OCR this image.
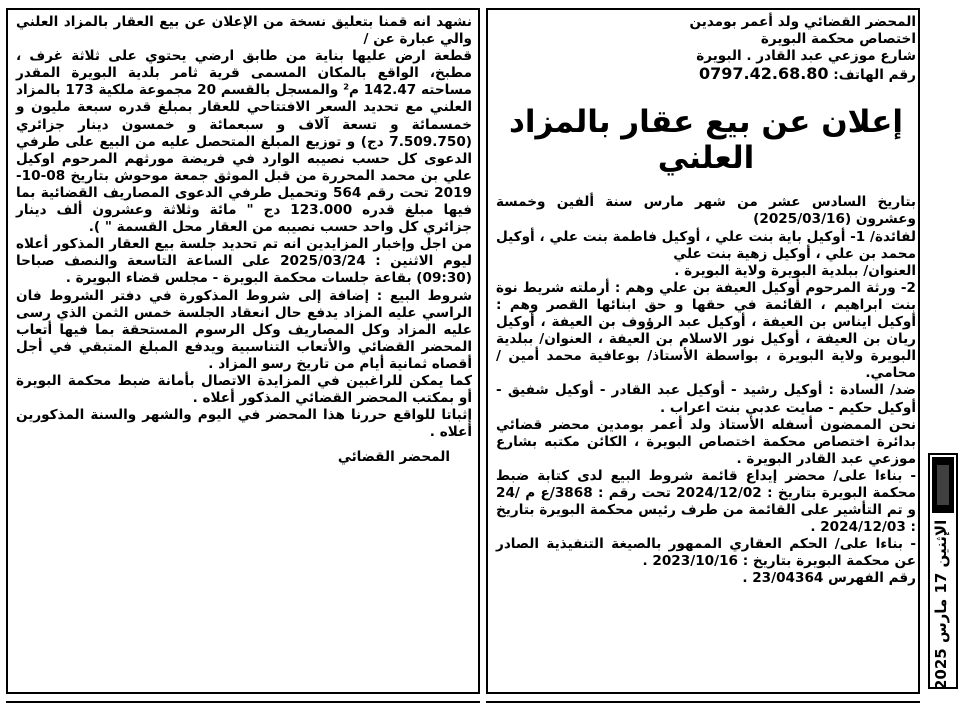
المحضر القضائي ولد أعمر بومدين

اختصاص محكمة البويرة

شارع موزعي عبد القادر . البويرة

رقم الهاتف: 0797.42.68.80

إعلان عن بيع عقار بالمزاد العلني

بتاريخ السادس عشر من شهر مارس سنة ألفين وخمسة وعشرون (2025/03/16)

لفائدة/ 1- أوكيل باية بنت علي ، أوكيل فاطمة بنت علي ، أوكيل محمد بن علي ، أوكيل زهية بنت علي

العنوان/ ببلدية البويرة ولاية البويرة .

2- ورثة المرحوم أوكيل العيفة بن علي وهم : أرملته شريط نوة بنت ابراهيم ، القائمة في حقها و حق ابنائها القصر وهم : أوكيل ايناس بن العيفة ، أوكيل عبد الرؤوف بن العيفة ، أوكيل ريان بن العيفة ، أوكيل نور الاسلام بن العيفة ، العنوان/ ببلدية البويرة ولاية البويرة ، بواسطة الأستاذ/ بوعافية محمد أمين / محامي.

ضد/ السادة : أوكيل رشيد - أوكيل عبد القادر - أوكيل شفيق - أوكيل حكيم - صايت عدبي بنت اعراب .

نحن الممضون أسفله الأستاذ ولد أعمر بومدين محضر قضائي بدائرة اختصاص محكمة اختصاص البويرة ، الكائن مكتبه بشارع موزعي عبد القادر البويرة .

- بناءا على/ محضر إيداع قائمة شروط البيع لدى كتابة ضبط محكمة البويرة بتاريخ : 2024/12/02 تحت رقم : 3868/ع م /24 و تم التأشير على القائمة من طرف رئيس محكمة البويرة بتاريخ : 2024/12/03 .

- بناءا على/ الحكم العقاري الممهور بالصيغة التنفيذية الصادر عن محكمة البويرة بتاريخ : 2023/10/16 .

رقم الفهرس 23/04364 .

نشهد انه قمنا بتعليق نسخة من الإعلان عن بيع العقار بالمزاد العلني والي عبارة عن /

قطعة ارض عليها بناية من طابق ارضي يحتوي على ثلاثة غرف ، مطبخ، الواقع بالمكان المسمى قرية ثامر بلدية البويرة المقدر مساحته 142.47 م² والمسجل بالقسم 20 مجموعة ملكية 173 بالمزاد العلني مع تحديد السعر الافتتاحي للعقار بمبلغ قدره سبعة مليون و خمسمائة و تسعة آلاف و سبعمائة و خمسون دينار جزائري (7.509.750 دج) و توزيع المبلغ المتحصل عليه من البيع على طرفي الدعوى كل حسب نصيبه الوارد في فريضة مورثهم المرحوم اوكيل علي بن محمد المحررة من قبل الموثق جمعة موحوش بتاريخ 08-10-2019 تحت رقم 564 وتحميل طرفي الدعوى المصاريف القضائية بما فيها مبلغ قدره 123.000 دج " مائة وثلاثة وعشرون ألف دينار جزائري كل واحد حسب نصيبه من العقار محل القسمة " ).

من اجل وإخبار المزايدين انه تم تحديد جلسة بيع العقار المذكور أعلاه ليوم الاثنين : 2025/03/24 على الساعة التاسعة والنصف صباحا (09:30) بقاعة جلسات محكمة البويرة - مجلس قضاء البويرة .

شروط البيع : إضافة إلى شروط المذكورة في دفتر الشروط فان الراسي عليه المزاد يدفع حال انعقاد الجلسة خمس الثمن الذي رسى عليه المزاد وكل المصاريف وكل الرسوم المستحقة بما فيها أتعاب المحضر القضائي والأتعاب التناسبية ويدفع المبلغ المتبقي في أجل أقصاه ثمانية أيام من تاريخ رسو المزاد .

كما يمكن للراغبين في المزايدة الاتصال بأمانة ضبط محكمة البويرة أو بمكتب المحضر القضائي المذكور أعلاه .

إثباتا للواقع حررنا هذا المحضر في اليوم والشهر والسنة المذكورين أعلاه .

المحضر القضائي
الإثنين 17 مارس 2025
